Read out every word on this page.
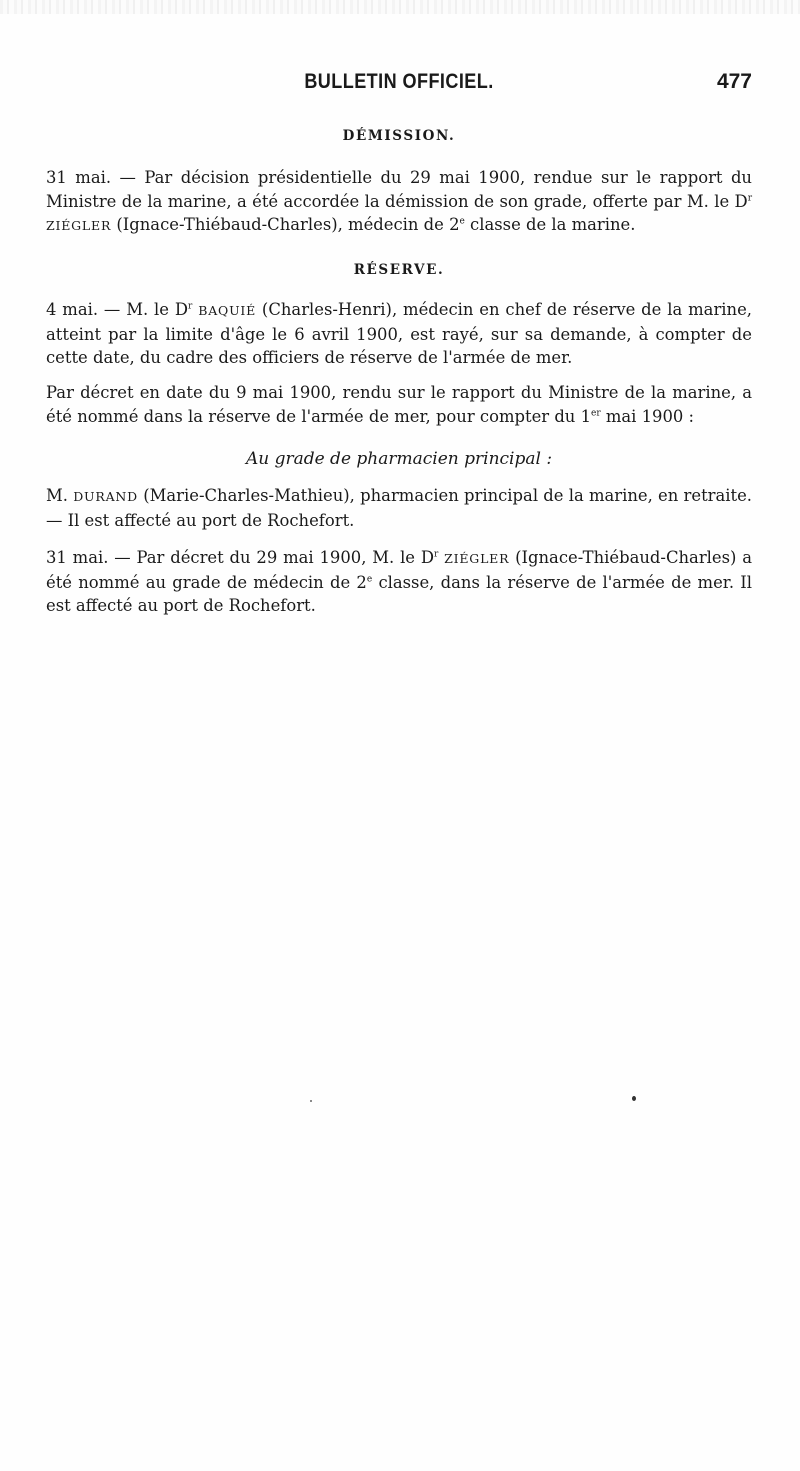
BULLETIN OFFICIEL.	477
DÉMISSION.

31 mai. — Par décision présidentielle du 29 mai 1900, rendue sur le rapport du Ministre de la marine, a été accordée la démission de son grade, offerte par M. le $D^r$ ZIÉGLER (Ignace-Thiébaud-Charles), médecin de 2e classe de la marine.

RÉSERVE.

4 mai. — M. le $D^r$ BAQUIÉ (Charles-Henri), médecin en chef de réserve de la marine, atteint par la limite d'âge le 6 avril 1900, est rayé, sur sa demande, à compter de cette date, du cadre des officiers de réserve de l'armée de mer.

Par décret en date du 9 mai 1900, rendu sur le rapport du Ministre de la marine, a été nommé dans la réserve de l'armée de mer, pour compter du 1er mai 1900 :

Au grade de pharmacien principal :

M. DURAND (Marie-Charles-Mathieu), pharmacien principal de la marine, en retraite. — Il est affecté au port de Rochefort.

31 mai. — Par décret du 29 mai 1900, M. le $D^r$ ZIÉGLER (Ignace-Thiébaud-Charles) a été nommé au grade de médecin de 2e classe, dans la réserve de l'armée de mer. Il est affecté au port de Rochefort.
